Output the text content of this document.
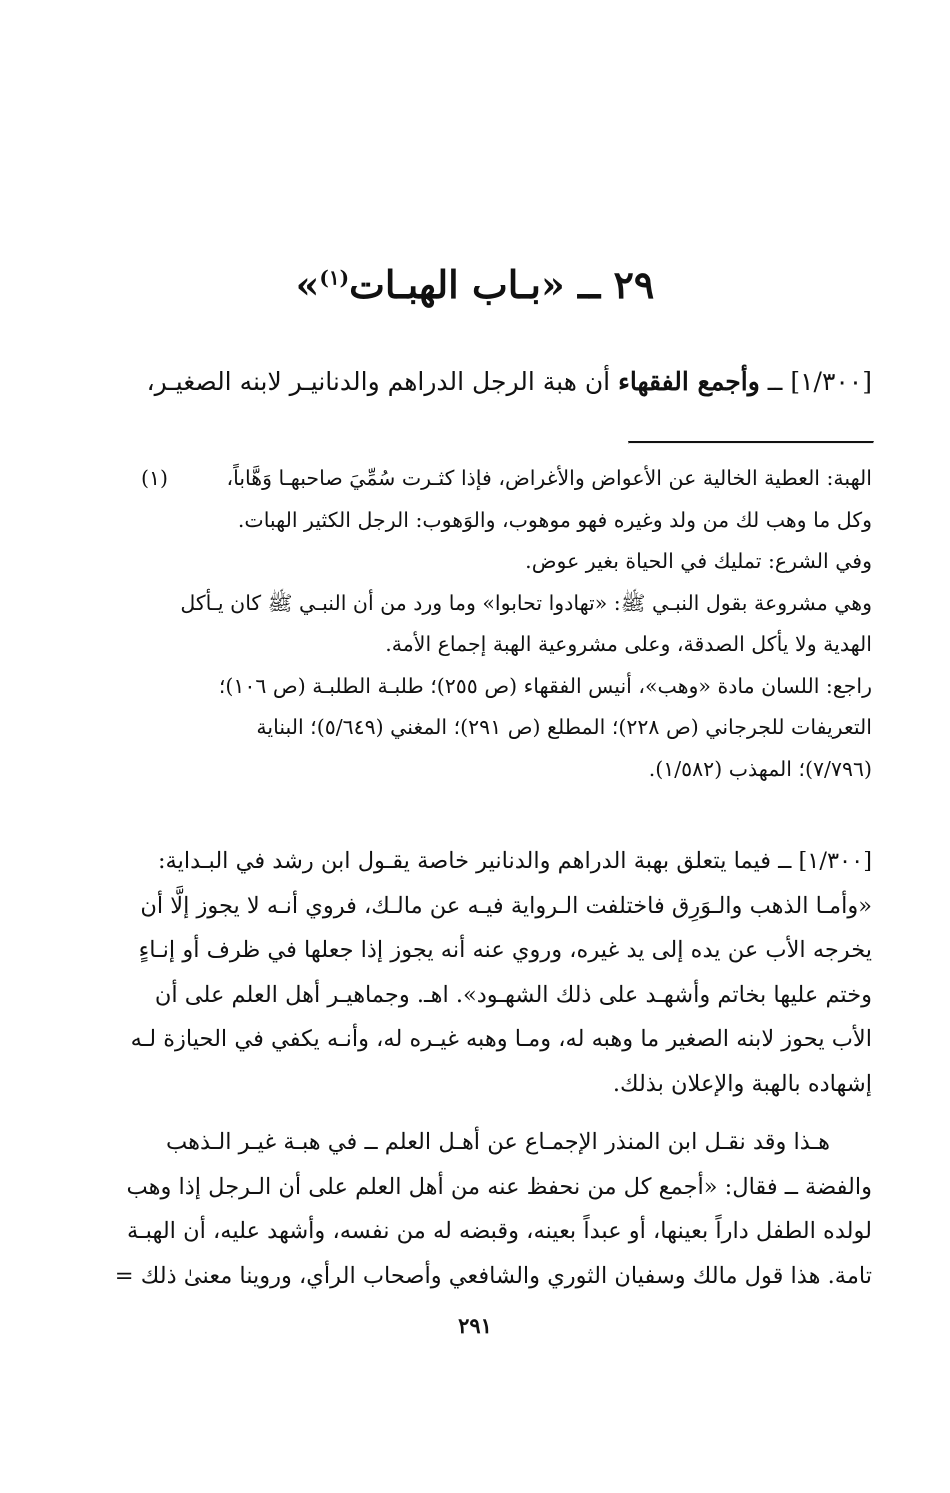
٢٩ ــ «بـاب الهبـات$^{(١)}$»

[١/٣٠٠] ــ وأجمع الفقهاء أن هبة الرجل الدراهم والدنانيـر لابنه الصغيـر،

(١)	الهبة: العطية الخالية عن الأعواض والأغراض، فإذا كثـرت سُمِّيَ صاحبهـا وَهَّاباً،
وكل ما وهب لك من ولد وغيره فهو موهوب، والوَهوب: الرجل الكثير الهبات.
وفي الشرع: تمليك في الحياة بغير عوض.
وهي مشروعة بقول النبـي ﷺ: «تهادوا تحابوا» وما ورد من أن النبـي ﷺ كان يـأكل
الهدية ولا يأكل الصدقة، وعلى مشروعية الهبة إجماع الأمة.
راجع: اللسان مادة «وهب»، أنيس الفقهاء (ص ٢٥٥)؛ طلبـة الطلبـة (ص ١٠٦)؛
التعريفات للجرجاني (ص ٢٢٨)؛ المطلع (ص ٢٩١)؛ المغني (٥/٦٤٩)؛ البناية
(٧/٧٩٦)؛ المهذب (١/٥٨٢).

[١/٣٠٠] ــ فيما يتعلق بهبة الدراهم والدنانير خاصة يقـول ابن رشد في البـداية:
«وأمـا الذهب والـوَرِق فاختلفت الـرواية فيـه عن مالـك، فروي أنـه لا يجوز إلَّا أن
يخرجه الأب عن يده إلى يد غيره، وروي عنه أنه يجوز إذا جعلها في ظرف أو إنـاءٍ
وختم عليها بخاتم وأشهـد على ذلك الشهـود». اهـ. وجماهيـر أهل العلم على أن
الأب يحوز لابنه الصغير ما وهبه له، ومـا وهبه غيـره له، وأنـه يكفي في الحيازة لـه
إشهاده بالهبة والإعلان بذلك.

هـذا وقد نقـل ابن المنذر الإجمـاع عن أهـل العلم ــ في هبـة غيـر الـذهب
والفضة ــ فقال: «أجمع كل من نحفظ عنه من أهل العلم على أن الـرجل إذا وهب
لولده الطفل داراً بعينها، أو عبداً بعينه، وقبضه له من نفسه، وأشهد عليه، أن الهبـة
تامة. هذا قول مالك وسفيان الثوري والشافعي وأصحاب الرأي، وروينا معنىٰ ذلك =

٢٩١
